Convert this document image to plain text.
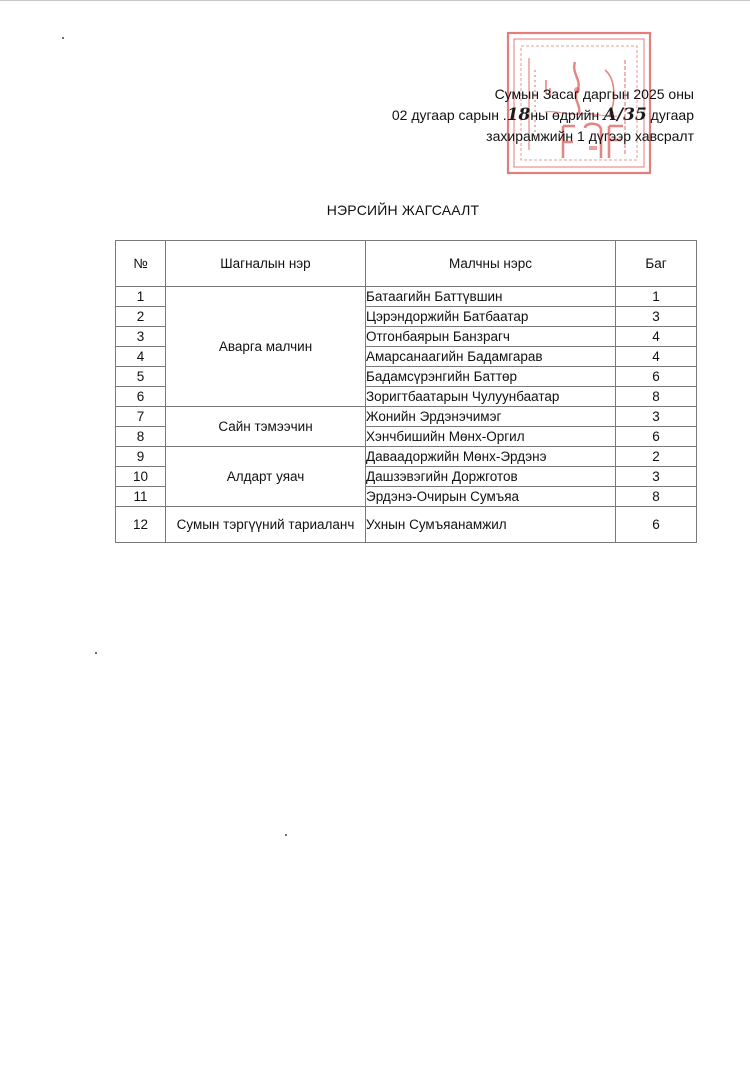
Сумын Засаг даргын 2025 оны
02 дугаар сарын .18ны өдрийн А/35 дугаар
захирамжийн 1 дүгээр хавсралт
НЭРСИЙН ЖАГСААЛТ
№	Шагналын нэр	Малчны нэрс	Баг
1	Аварга малчин	Батаагийн Баттүвшин	1
2		Цэрэндоржийн Батбаатар	3
3		Отгонбаярын Банзрагч	4
4		Амарсанаагийн Бадамгарав	4
5		Бадамсүрэнгийн Баттөр	6
6		Зоригтбаатарын Чулуунбаатар	8
7	Сайн тэмээчин	Жонийн Эрдэнэчимэг	3
8		Хэнчбишийн Мөнх-Оргил	6
9	Алдарт уяач	Даваадоржийн Мөнх-Эрдэнэ	2
10		Дашзэвэгийн Доржготов	3
11		Эрдэнэ-Очирын Сумъяа	8
12	Сумын тэргүүний тариаланч	Ухнын Сумъяанамжил	6
